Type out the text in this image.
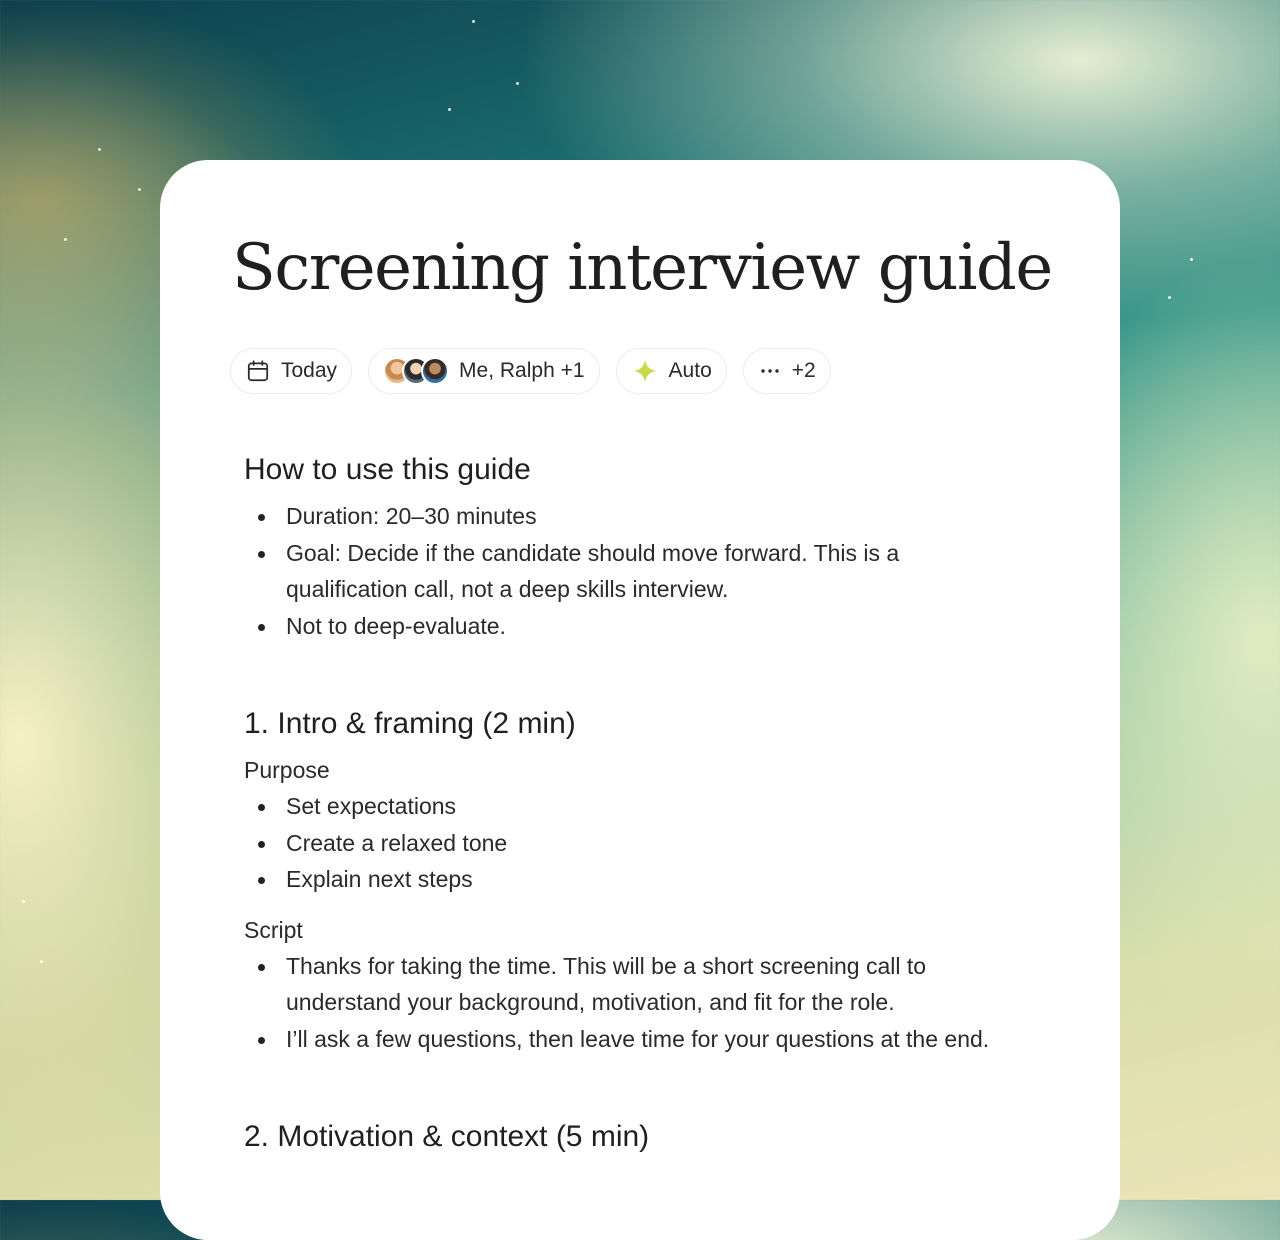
Screening interview guide
Today	Me, Ralph +1	Auto	+2
How to use this guide
Duration: 20–30 minutes
Goal: Decide if the candidate should move forward. This is a qualification call, not a deep skills interview.
Not to deep-evaluate.
1. Intro & framing (2 min)

Purpose

Set expectations
Create a relaxed tone
Explain next steps

Script

Thanks for taking the time. This will be a short screening call to understand your background, motivation, and fit for the role.
I’ll ask a few questions, then leave time for your questions at the end.
2. Motivation & context (5 min)
